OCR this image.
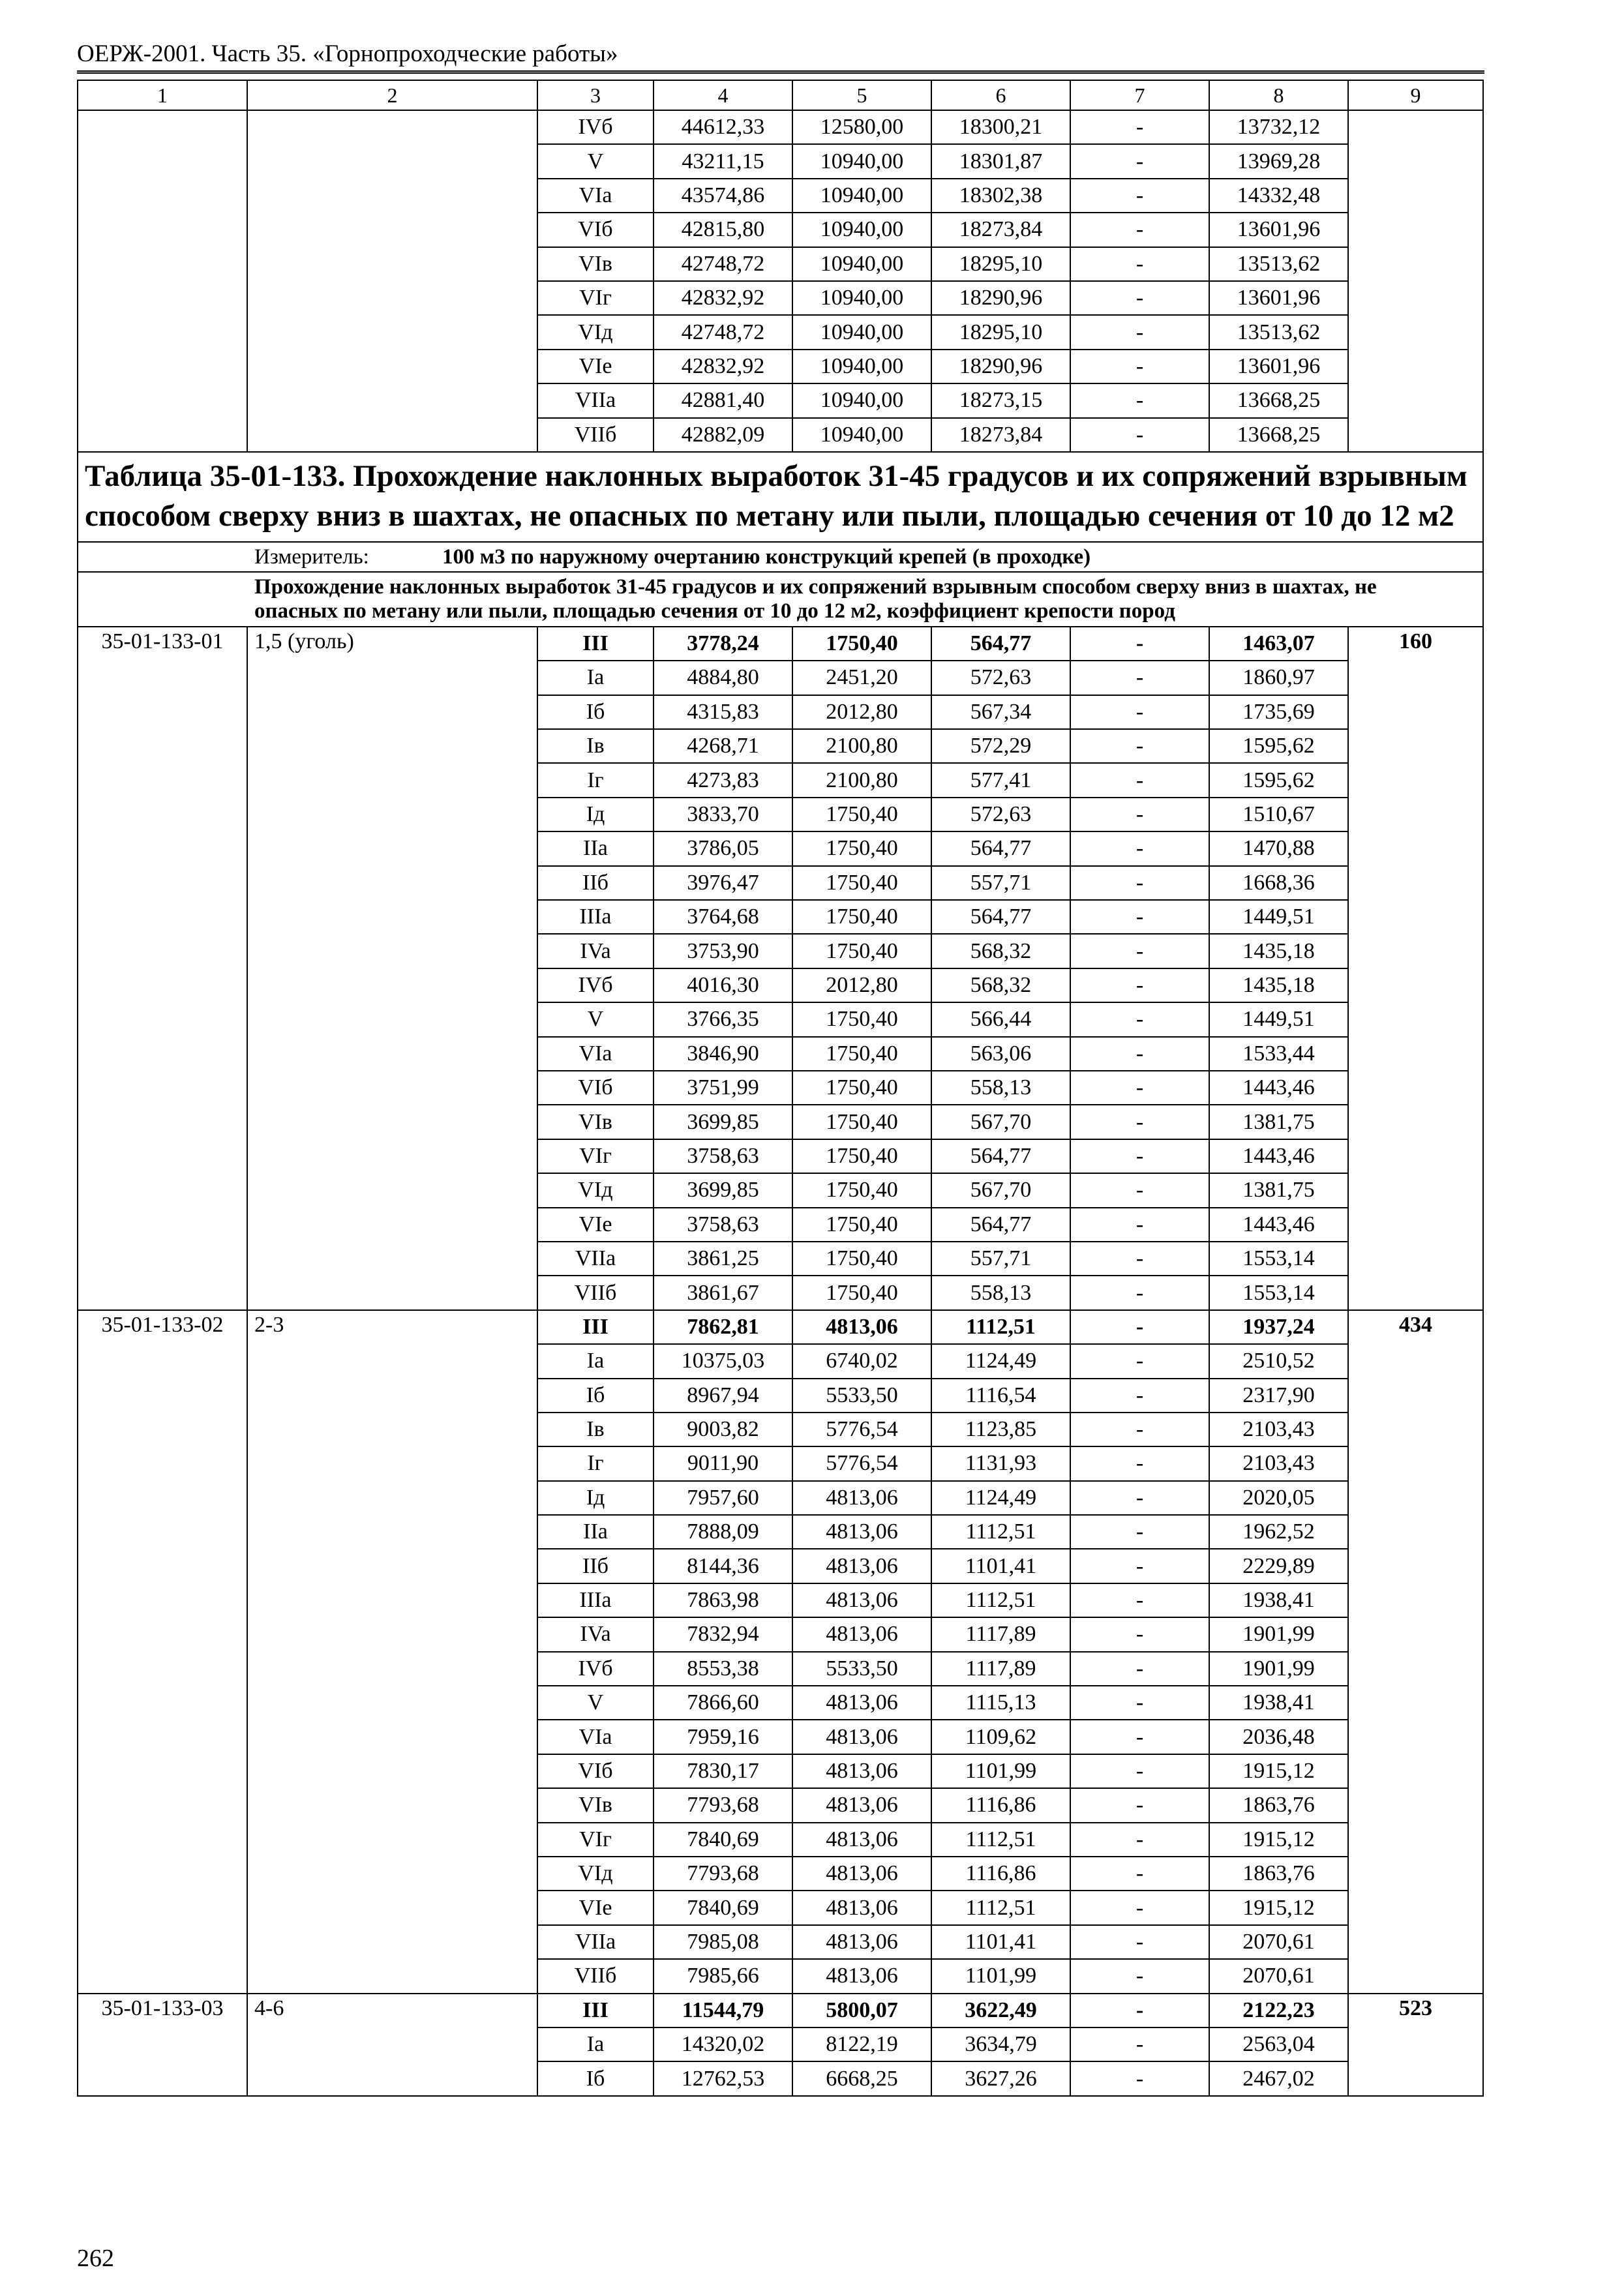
ОЕРЖ-2001. Часть 35. «Горнопроходческие работы»
1	2	3	4	5	6	7	8	9
		IVб	44612,33	12580,00	18300,21	-	13732,12	
		V	43211,15	10940,00	18301,87	-	13969,28	
		VIa	43574,86	10940,00	18302,38	-	14332,48	
		VIб	42815,80	10940,00	18273,84	-	13601,96	
		VIв	42748,72	10940,00	18295,10	-	13513,62	
		VIг	42832,92	10940,00	18290,96	-	13601,96	
		VIд	42748,72	10940,00	18295,10	-	13513,62	
		VIе	42832,92	10940,00	18290,96	-	13601,96	
		VIIa	42881,40	10940,00	18273,15	-	13668,25	
		VIIб	42882,09	10940,00	18273,84	-	13668,25	
Таблица 35-01-133. Прохождение наклонных выработок 31-45 градусов и их сопряжений взрывным способом сверху вниз в шахтах, не опасных по метану или пыли, площадью сечения от 10 до 12 м2								
Измеритель: 100 м3 по наружному очертанию конструкций крепей (в проходке)								
Прохождение наклонных выработок 31-45 градусов и их сопряжений взрывным способом сверху вниз в шахтах, не опасных по метану или пыли, площадью сечения от 10 до 12 м2, коэффициент крепости пород								
35-01-133-01	1,5 (уголь)	III	3778,24	1750,40	564,77	-	1463,07	160
		Ia	4884,80	2451,20	572,63	-	1860,97	
		Iб	4315,83	2012,80	567,34	-	1735,69	
		Iв	4268,71	2100,80	572,29	-	1595,62	
		Iг	4273,83	2100,80	577,41	-	1595,62	
		Iд	3833,70	1750,40	572,63	-	1510,67	
		IIa	3786,05	1750,40	564,77	-	1470,88	
		IIб	3976,47	1750,40	557,71	-	1668,36	
		IIIa	3764,68	1750,40	564,77	-	1449,51	
		IVa	3753,90	1750,40	568,32	-	1435,18	
		IVб	4016,30	2012,80	568,32	-	1435,18	
		V	3766,35	1750,40	566,44	-	1449,51	
		VIa	3846,90	1750,40	563,06	-	1533,44	
		VIб	3751,99	1750,40	558,13	-	1443,46	
		VIв	3699,85	1750,40	567,70	-	1381,75	
		VIг	3758,63	1750,40	564,77	-	1443,46	
		VIд	3699,85	1750,40	567,70	-	1381,75	
		VIе	3758,63	1750,40	564,77	-	1443,46	
		VIIa	3861,25	1750,40	557,71	-	1553,14	
		VIIб	3861,67	1750,40	558,13	-	1553,14	
35-01-133-02	2-3	III	7862,81	4813,06	1112,51	-	1937,24	434
		Ia	10375,03	6740,02	1124,49	-	2510,52	
		Iб	8967,94	5533,50	1116,54	-	2317,90	
		Iв	9003,82	5776,54	1123,85	-	2103,43	
		Iг	9011,90	5776,54	1131,93	-	2103,43	
		Iд	7957,60	4813,06	1124,49	-	2020,05	
		IIa	7888,09	4813,06	1112,51	-	1962,52	
		IIб	8144,36	4813,06	1101,41	-	2229,89	
		IIIa	7863,98	4813,06	1112,51	-	1938,41	
		IVa	7832,94	4813,06	1117,89	-	1901,99	
		IVб	8553,38	5533,50	1117,89	-	1901,99	
		V	7866,60	4813,06	1115,13	-	1938,41	
		VIa	7959,16	4813,06	1109,62	-	2036,48	
		VIб	7830,17	4813,06	1101,99	-	1915,12	
		VIв	7793,68	4813,06	1116,86	-	1863,76	
		VIг	7840,69	4813,06	1112,51	-	1915,12	
		VIд	7793,68	4813,06	1116,86	-	1863,76	
		VIе	7840,69	4813,06	1112,51	-	1915,12	
		VIIa	7985,08	4813,06	1101,41	-	2070,61	
		VIIб	7985,66	4813,06	1101,99	-	2070,61	
35-01-133-03	4-6	III	11544,79	5800,07	3622,49	-	2122,23	523
		Ia	14320,02	8122,19	3634,79	-	2563,04	
		Iб	12762,53	6668,25	3627,26	-	2467,02	
262
